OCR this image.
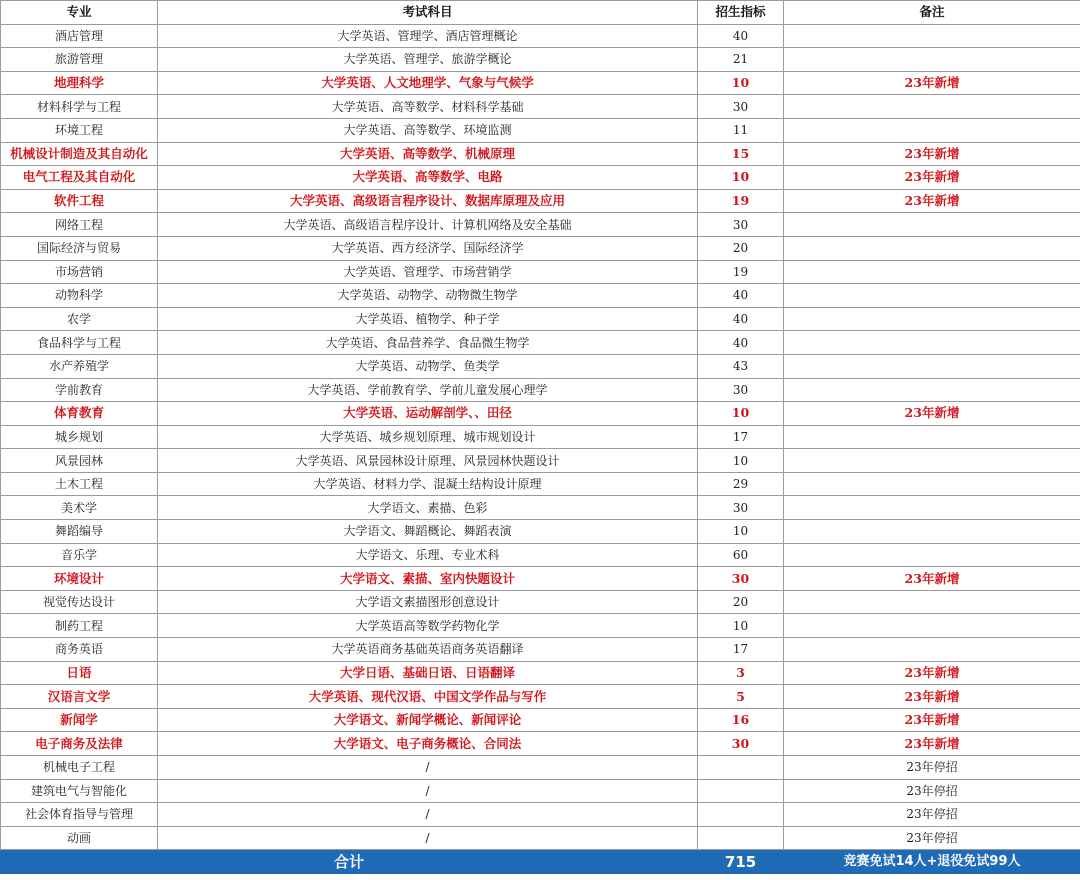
专业	考试科目	招生指标	备注
酒店管理	大学英语、管理学、酒店管理概论	40	
旅游管理	大学英语、管理学、旅游学概论	21	
地理科学	大学英语、人文地理学、气象与气候学	10	23年新增
材料科学与工程	大学英语、高等数学、材料科学基础	30	
环境工程	大学英语、高等数学、环境监测	11	
机械设计制造及其自动化	大学英语、高等数学、机械原理	15	23年新增
电气工程及其自动化	大学英语、高等数学、电路	10	23年新增
软件工程	大学英语、高级语言程序设计、数据库原理及应用	19	23年新增
网络工程	大学英语、高级语言程序设计、计算机网络及安全基础	30	
国际经济与贸易	大学英语、西方经济学、国际经济学	20	
市场营销	大学英语、管理学、市场营销学	19	
动物科学	大学英语、动物学、动物微生物学	40	
农学	大学英语、植物学、种子学	40	
食品科学与工程	大学英语、食品营养学、食品微生物学	40	
水产养殖学	大学英语、动物学、鱼类学	43	
学前教育	大学英语、学前教育学、学前儿童发展心理学	30	
体育教育	大学英语、运动解剖学、、田径	10	23年新增
城乡规划	大学英语、城乡规划原理、城市规划设计	17	
风景园林	大学英语、风景园林设计原理、风景园林快题设计	10	
土木工程	大学英语、材料力学、混凝土结构设计原理	29	
美术学	大学语文、素描、色彩	30	
舞蹈编导	大学语文、舞蹈概论、舞蹈表演	10	
音乐学	大学语文、乐理、专业术科	60	
环境设计	大学语文、素描、室内快题设计	30	23年新增
视觉传达设计	大学语文素描图形创意设计	20	
制药工程	大学英语高等数学药物化学	10	
商务英语	大学英语商务基础英语商务英语翻译	17	
日语	大学日语、基础日语、日语翻译	3	23年新增
汉语言文学	大学英语、现代汉语、中国文学作品与写作	5	23年新增
新闻学	大学语文、新闻学概论、新闻评论	16	23年新增
电子商务及法律	大学语文、电子商务概论、合同法	30	23年新增
机械电子工程	/		23年停招
建筑电气与智能化	/		23年停招
社会体育指导与管理	/		23年停招
动画	/		23年停招
合计		715	竞赛免试14人+退役免试99人
